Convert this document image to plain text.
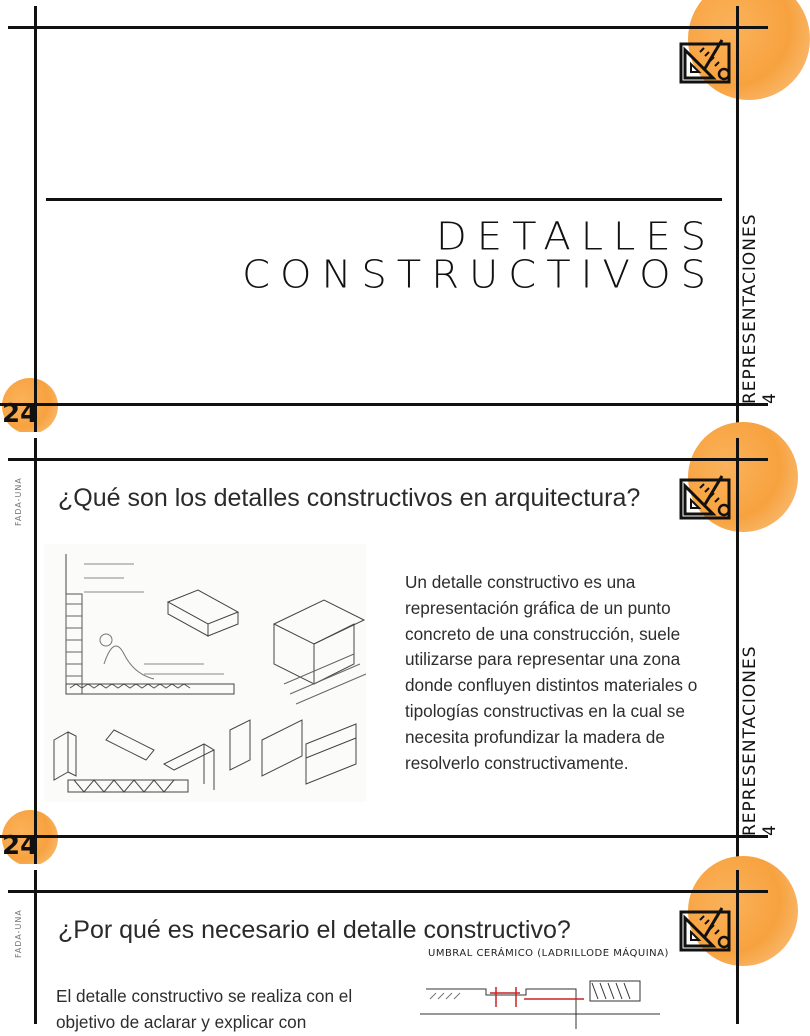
DETALLES
CONSTRUCTIVOS REPRESENTACIONES 4
24
FADA-UNA ¿Qué son los detalles constructivos en arquitectura?
Un detalle constructivo es una representación gráfica de un punto concreto de una construcción, suele utilizarse para representar una zona donde confluyen distintos materiales o tipologías constructivas en la cual se necesita profundizar la madera de resolverlo constructivamente.	REPRESENTACIONES 4
24
FADA-UNA ¿Por qué es necesario el detalle constructivo?
El detalle constructivo se realiza con el objetivo de aclarar y explicar con
UMBRAL CERÁMICO (LADRILLODE MÁQUINA)
